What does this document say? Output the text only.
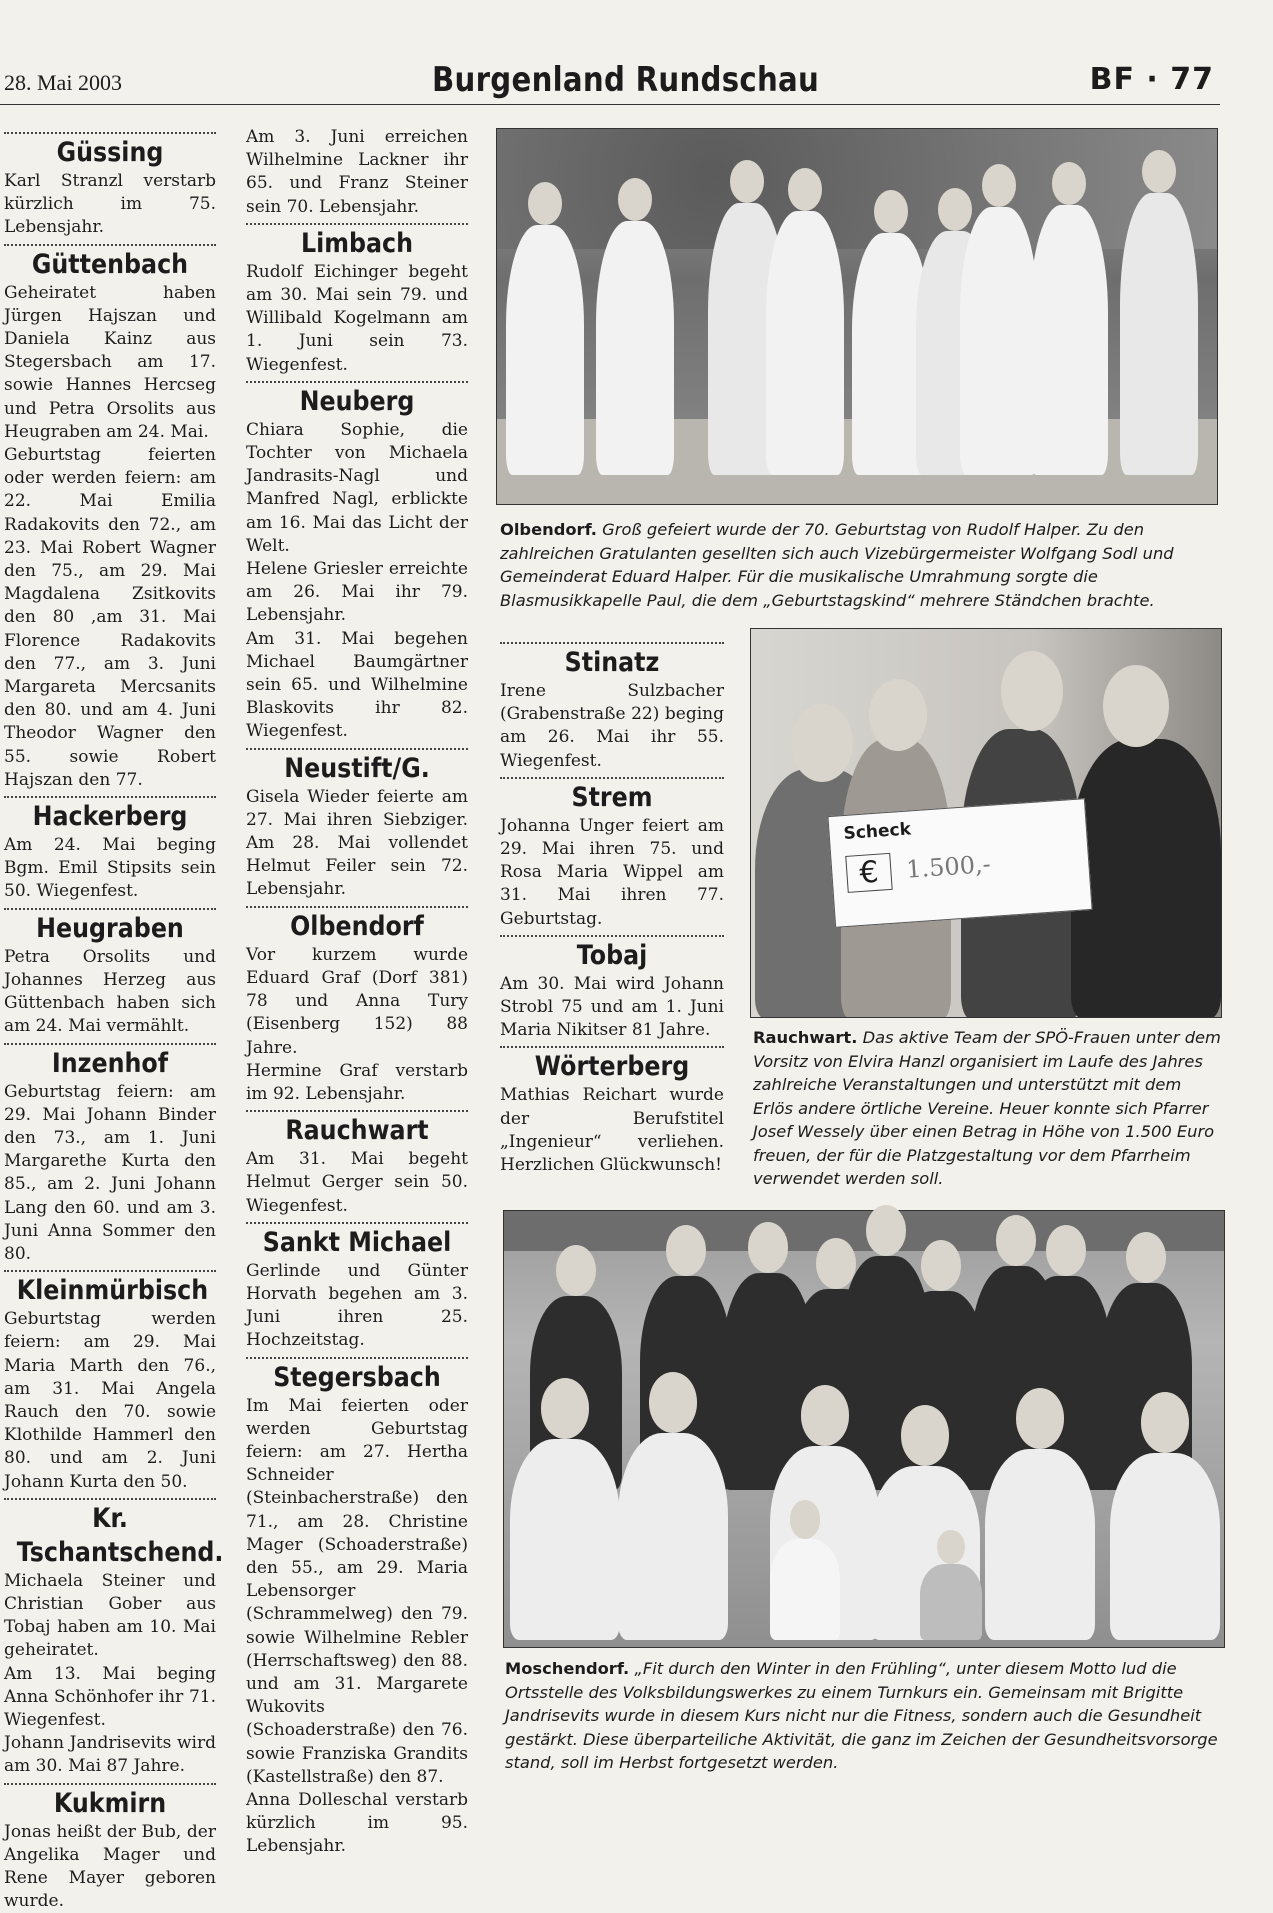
28. Mai 2003	Burgenland Rundschau	BF · 77
Güssing

Karl Stranzl verstarb kürzlich im 75. Lebensjahr.

Güttenbach

Geheiratet haben Jürgen Hajszan und Daniela Kainz aus Stegersbach am 17. sowie Hannes Hercseg und Petra Orsolits aus Heugraben am 24. Mai.

Geburtstag feierten oder werden feiern: am 22. Mai Emilia Radakovits den 72., am 23. Mai Robert Wagner den 75., am 29. Mai Magdalena Zsitkovits den 80 ,am 31. Mai Florence Radakovits den 77., am 3. Juni Margareta Mercsanits den 80. und am 4. Juni Theodor Wagner den 55. sowie Robert Hajszan den 77.

Hackerberg

Am 24. Mai beging Bgm. Emil Stipsits sein 50. Wiegenfest.

Heugraben

Petra Orsolits und Johannes Herzeg aus Güttenbach haben sich am 24. Mai vermählt.

Inzenhof

Geburtstag feiern: am 29. Mai Johann Binder den 73., am 1. Juni Margarethe Kurta den 85., am 2. Juni Johann Lang den 60. und am 3. Juni Anna Sommer den 80.

Kleinmürbisch

Geburtstag werden feiern: am 29. Mai Maria Marth den 76., am 31. Mai Angela Rauch den 70. sowie Klothilde Hammerl den 80. und am 2. Juni Johann Kurta den 50.

Kr. Tschantschend.

Michaela Steiner und Christian Gober aus Tobaj haben am 10. Mai geheiratet.

Am 13. Mai beging Anna Schönhofer ihr 71. Wiegenfest.

Johann Jandrisevits wird am 30. Mai 87 Jahre.

Kukmirn

Jonas heißt der Bub, der Angelika Mager und Rene Mayer geboren wurde.

Am 3. Juni erreichen Wilhelmine Lackner ihr 65. und Franz Steiner sein 70. Lebensjahr.

Limbach

Rudolf Eichinger begeht am 30. Mai sein 79. und Willibald Kogelmann am 1. Juni sein 73. Wiegenfest.

Neuberg

Chiara Sophie, die Tochter von Michaela Jandrasits-Nagl und Manfred Nagl, erblickte am 16. Mai das Licht der Welt.

Helene Griesler erreichte am 26. Mai ihr 79. Lebensjahr.

Am 31. Mai begehen Michael Baumgärtner sein 65. und Wilhelmine Blaskovits ihr 82. Wiegenfest.

Neustift/G.

Gisela Wieder feierte am 27. Mai ihren Siebziger. Am 28. Mai vollendet Helmut Feiler sein 72. Lebensjahr.

Olbendorf

Vor kurzem wurde Eduard Graf (Dorf 381) 78 und Anna Tury (Eisenberg 152) 88 Jahre.

Hermine Graf verstarb im 92. Lebensjahr.

Rauchwart

Am 31. Mai begeht Helmut Gerger sein 50. Wiegenfest.

Sankt Michael

Gerlinde und Günter Horvath begehen am 3. Juni ihren 25. Hochzeitstag.

Stegersbach

Im Mai feierten oder werden Geburtstag feiern: am 27. Hertha Schneider (Steinbacherstraße) den 71., am 28. Christine Mager (Schoaderstraße) den 55., am 29. Maria Lebensorger (Schrammelweg) den 79. sowie Wilhelmine Rebler (Herrschaftsweg) den 88. und am 31. Margarete Wukovits (Schoaderstraße) den 76. sowie Franziska Grandits (Kastellstraße) den 87.

Anna Dolleschal verstarb kürzlich im 95. Lebensjahr.

Stinatz

Irene Sulzbacher (Grabenstraße 22) beging am 26. Mai ihr 55. Wiegenfest.

Strem

Johanna Unger feiert am 29. Mai ihren 75. und Rosa Maria Wippel am 31. Mai ihren 77. Geburtstag.

Tobaj

Am 30. Mai wird Johann Strobl 75 und am 1. Juni Maria Nikitser 81 Jahre.

Wörterberg

Mathias Reichart wurde der Berufstitel „Ingenieur“ verliehen. Herzlichen Glückwunsch!

Olbendorf. Groß gefeiert wurde der 70. Geburtstag von Rudolf Halper. Zu den zahlreichen Gratulanten gesellten sich auch Vizebürgermeister Wolfgang Sodl und Gemeinderat Eduard Halper. Für die musikalische Umrahmung sorgte die Blasmusikkapelle Paul, die dem „Geburtstagskind“ mehrere Ständchen brachte.
Scheck
€	1.500,-
Rauchwart. Das aktive Team der SPÖ-Frauen unter dem Vorsitz von Elvira Hanzl organisiert im Laufe des Jahres zahlreiche Veranstaltungen und unterstützt mit dem Erlös andere örtliche Vereine. Heuer konnte sich Pfarrer Josef Wessely über einen Betrag in Höhe von 1.500 Euro freuen, der für die Platzgestaltung vor dem Pfarrheim verwendet werden soll.
Moschendorf. „Fit durch den Winter in den Frühling“, unter diesem Motto lud die Ortsstelle des Volksbildungswerkes zu einem Turnkurs ein. Gemeinsam mit Brigitte Jandrisevits wurde in diesem Kurs nicht nur die Fitness, sondern auch die Gesundheit gestärkt. Diese überparteiliche Aktivität, die ganz im Zeichen der Gesundheitsvorsorge stand, soll im Herbst fortgesetzt werden.
